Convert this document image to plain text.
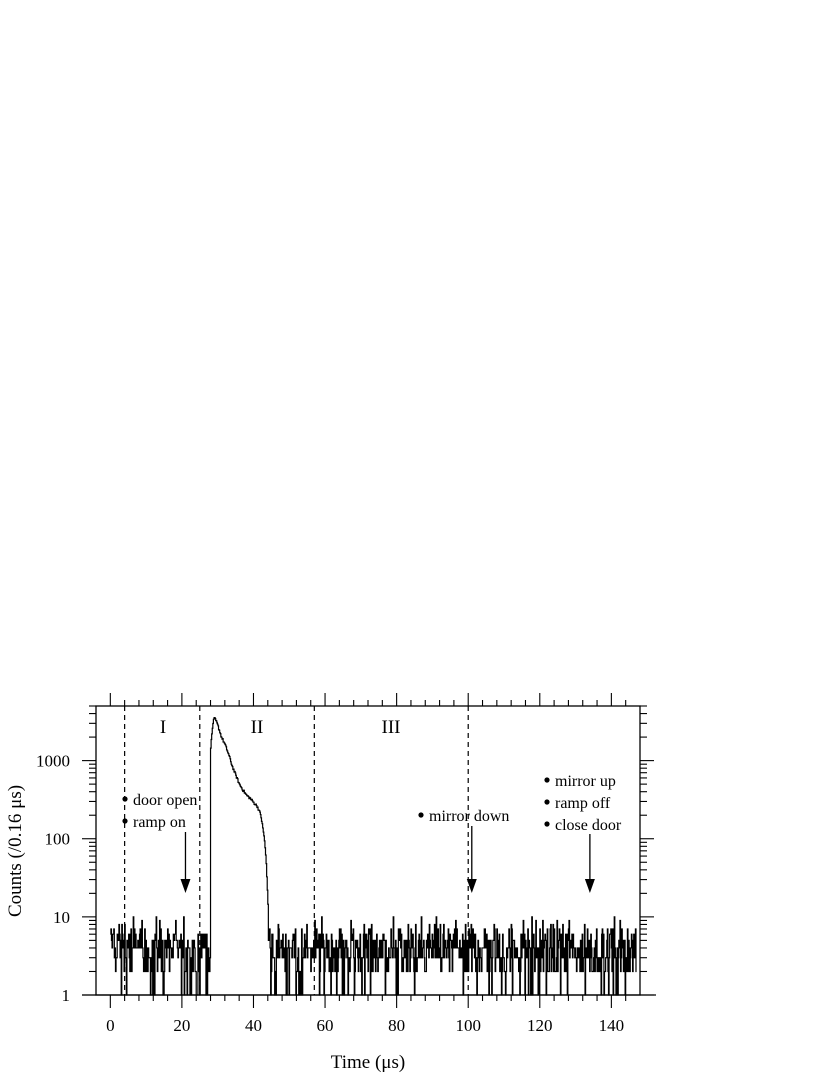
0	20	40	60	80	100	120	140
1
10
100
1000
Time (μs)
Counts (/0.16 μs)
I	II	III
door open
ramp on	mirror down
mirror up
ramp off
close door
